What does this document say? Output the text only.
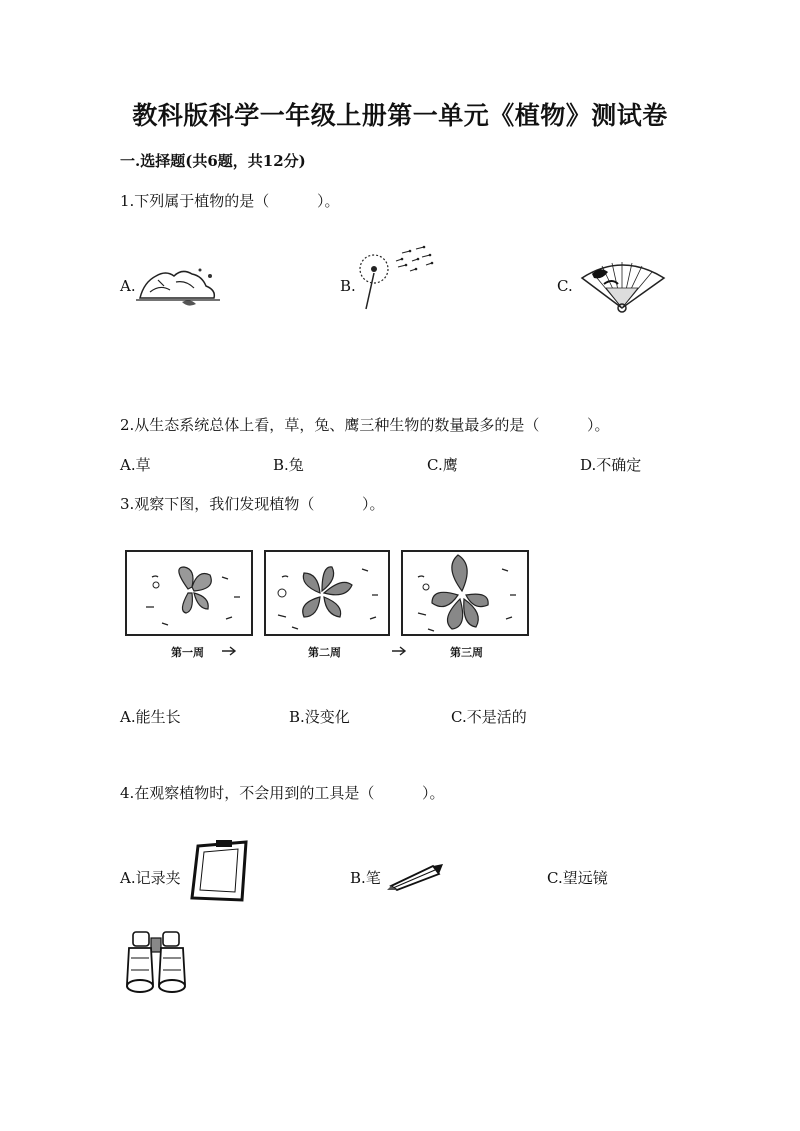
教科版科学一年级上册第一单元《植物》测试卷
一.选择题(共6题，共12分)
1.下列属于植物的是（          ）。
A.	B.	C.
2.从生态系统总体上看，草，兔、鹰三种生物的数量最多的是（          ）。
A.草	B.兔	C.鹰	D.不确定
3.观察下图，我们发现植物（          ）。
第一周	第二周	第三周
A.能生长	B.没变化	C.不是活的
4.在观察植物时，不会用到的工具是（          ）。
A.记录夹	B.笔	C.望远镜
